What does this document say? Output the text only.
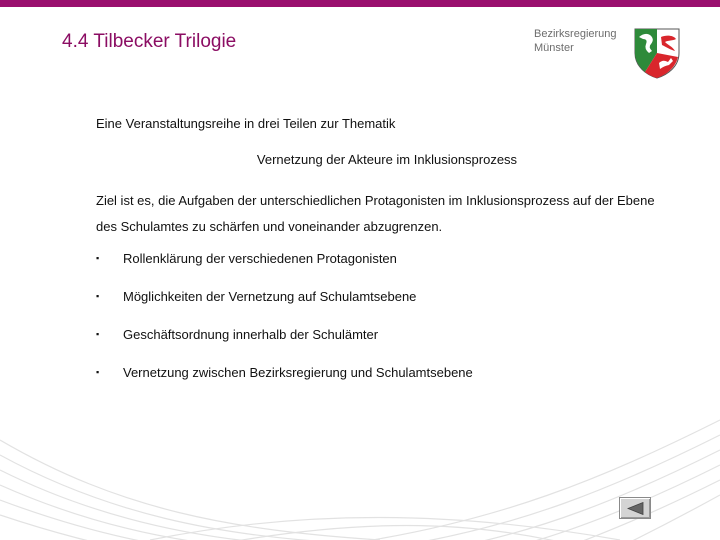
4.4 Tilbecker Trilogie	Bezirksregierung
Münster
Eine Veranstaltungsreihe in drei Teilen zur Thematik
Vernetzung der Akteure im Inklusionsprozess
Ziel ist es, die Aufgaben der unterschiedlichen Protagonisten im Inklusionsprozess auf der Ebene des Schulamtes zu schärfen und voneinander abzugrenzen.
▪ Rollenklärung der verschiedenen Protagonisten
▪ Möglichkeiten der Vernetzung auf Schulamtsebene
▪ Geschäftsordnung innerhalb der Schulämter
▪ Vernetzung zwischen Bezirksregierung und Schulamtsebene
